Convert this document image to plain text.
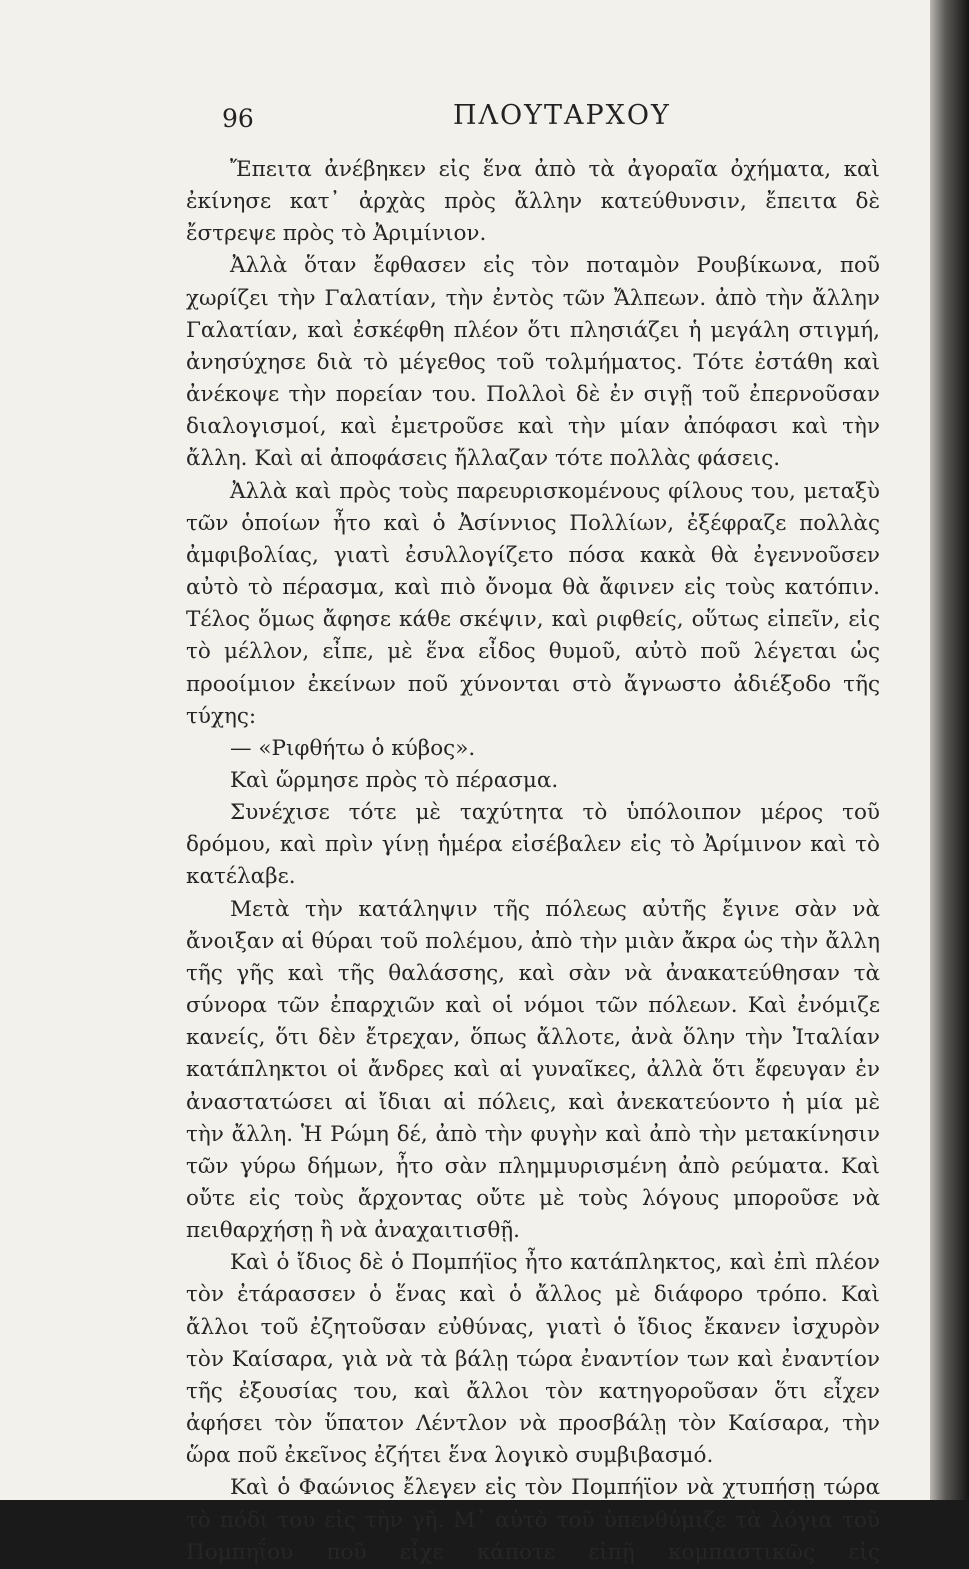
96	ΠΛΟΥΤΑΡΧΟΥ

Ἔπειτα ἀνέβηκεν εἰς ἕνα ἀπὸ τὰ ἀγοραῖα ὀχήματα, καὶ ἐκίνησε κατ᾽ ἀρχὰς πρὸς ἄλλην κατεύθυνσιν, ἔπειτα δὲ ἔστρεψε πρὸς τὸ Ἀριμίνιον.

Ἀλλὰ ὅταν ἔφθασεν εἰς τὸν ποταμὸν Ρουβίκωνα, ποῦ χωρίζει τὴν Γαλατίαν, τὴν ἐντὸς τῶν Ἄλπεων. ἀπὸ τὴν ἄλλην Γαλατίαν, καὶ ἐσκέφθη πλέον ὅτι πλησιάζει ἡ μεγάλη στιγμή, ἀνησύχησε διὰ τὸ μέγεθος τοῦ τολμήματος. Τότε ἐστάθη καὶ ἀνέκοψε τὴν πορείαν του. Πολλοὶ δὲ ἐν σιγῇ τοῦ ἐπερνοῦσαν διαλογισμοί, καὶ ἐμετροῦσε καὶ τὴν μίαν ἀπόφασι καὶ τὴν ἄλλη. Καὶ αἱ ἀποφάσεις ἤλλαζαν τότε πολλὰς φάσεις.

Ἀλλὰ καὶ πρὸς τοὺς παρευρισκομένους φίλους του, μεταξὺ τῶν ὁποίων ἦτο καὶ ὁ Ἀσίννιος Πολλίων, ἐξέφραζε πολλὰς ἀμφιβολίας, γιατὶ ἐσυλλογίζετο πόσα κακὰ θὰ ἐγεννοῦσεν αὐτὸ τὸ πέρασμα, καὶ πιὸ ὄνομα θὰ ἄφινεν εἰς τοὺς κατόπιν. Τέλος ὅμως ἄφησε κάθε σκέψιν, καὶ ριφθείς, οὕτως εἰπεῖν, εἰς τὸ μέλλον, εἶπε, μὲ ἕνα εἶδος θυμοῦ, αὐτὸ ποῦ λέγεται ὡς προοίμιον ἐκείνων ποῦ χύνονται στὸ ἄγνωστο ἀδιέξοδο τῆς τύχης:

— «Ριφθήτω ὁ κύβος».

Καὶ ὥρμησε πρὸς τὸ πέρασμα.

Συνέχισε τότε μὲ ταχύτητα τὸ ὑπόλοιπον μέρος τοῦ δρόμου, καὶ πρὶν γίνῃ ἡμέρα εἰσέβαλεν εἰς τὸ Ἀρίμινον καὶ τὸ κατέλαβε.

Μετὰ τὴν κατάληψιν τῆς πόλεως αὐτῆς ἔγινε σὰν νὰ ἄνοιξαν αἱ θύραι τοῦ πολέμου, ἀπὸ τὴν μιὰν ἄκρα ὡς τὴν ἄλλη τῆς γῆς καὶ τῆς θαλάσσης, καὶ σὰν νὰ ἀνακατεύθησαν τὰ σύνορα τῶν ἐπαρχιῶν καὶ οἱ νόμοι τῶν πόλεων. Καὶ ἐνόμιζε κανείς, ὅτι δὲν ἔτρεχαν, ὅπως ἄλλοτε, ἀνὰ ὅλην τὴν Ἰταλίαν κατάπληκτοι οἱ ἄνδρες καὶ αἱ γυναῖκες, ἀλλὰ ὅτι ἔφευγαν ἐν ἀναστατώσει αἱ ἴδιαι αἱ πόλεις, καὶ ἀνεκατεύοντο ἡ μία μὲ τὴν ἄλλη. Ἡ Ρώμη δέ, ἀπὸ τὴν φυγὴν καὶ ἀπὸ τὴν μετακίνησιν τῶν γύρω δήμων, ἦτο σὰν πλημμυρισμένη ἀπὸ ρεύματα. Καὶ οὔτε εἰς τοὺς ἄρχοντας οὔτε μὲ τοὺς λόγους μποροῦσε νὰ πειθαρχήσῃ ἢ νὰ ἀναχαιτισθῇ.

Καὶ ὁ ἴδιος δὲ ὁ Πομπήϊος ἦτο κατάπληκτος, καὶ ἐπὶ πλέον τὸν ἐτάρασσεν ὁ ἕνας καὶ ὁ ἄλλος μὲ διάφορο τρόπο. Καὶ ἄλλοι τοῦ ἐζητοῦσαν εὐθύνας, γιατὶ ὁ ἴδιος ἔκανεν ἰσχυρὸν τὸν Καίσαρα, γιὰ νὰ τὰ βάλῃ τώρα ἐναντίον των καὶ ἐναντίον τῆς ἐξουσίας του, καὶ ἄλλοι τὸν κατηγοροῦσαν ὅτι εἶχεν ἀφήσει τὸν ὕπατον Λέντλον νὰ προσβάλῃ τὸν Καίσαρα, τὴν ὥρα ποῦ ἐκεῖνος ἐζήτει ἕνα λογικὸ συμβιβασμό.

Καὶ ὁ Φαώνιος ἔλεγεν εἰς τὸν Πομπήϊον νὰ χτυπήσῃ τώρα τὸ πόδι του εἰς τὴν γῆ. Μ᾽ αὐτὸ τοῦ ὑπενθύμιζε τὰ λόγια τοῦ Πομπηΐου ποῦ εἶχε κάποτε εἰπῇ κομπαστικῶς εἰς
